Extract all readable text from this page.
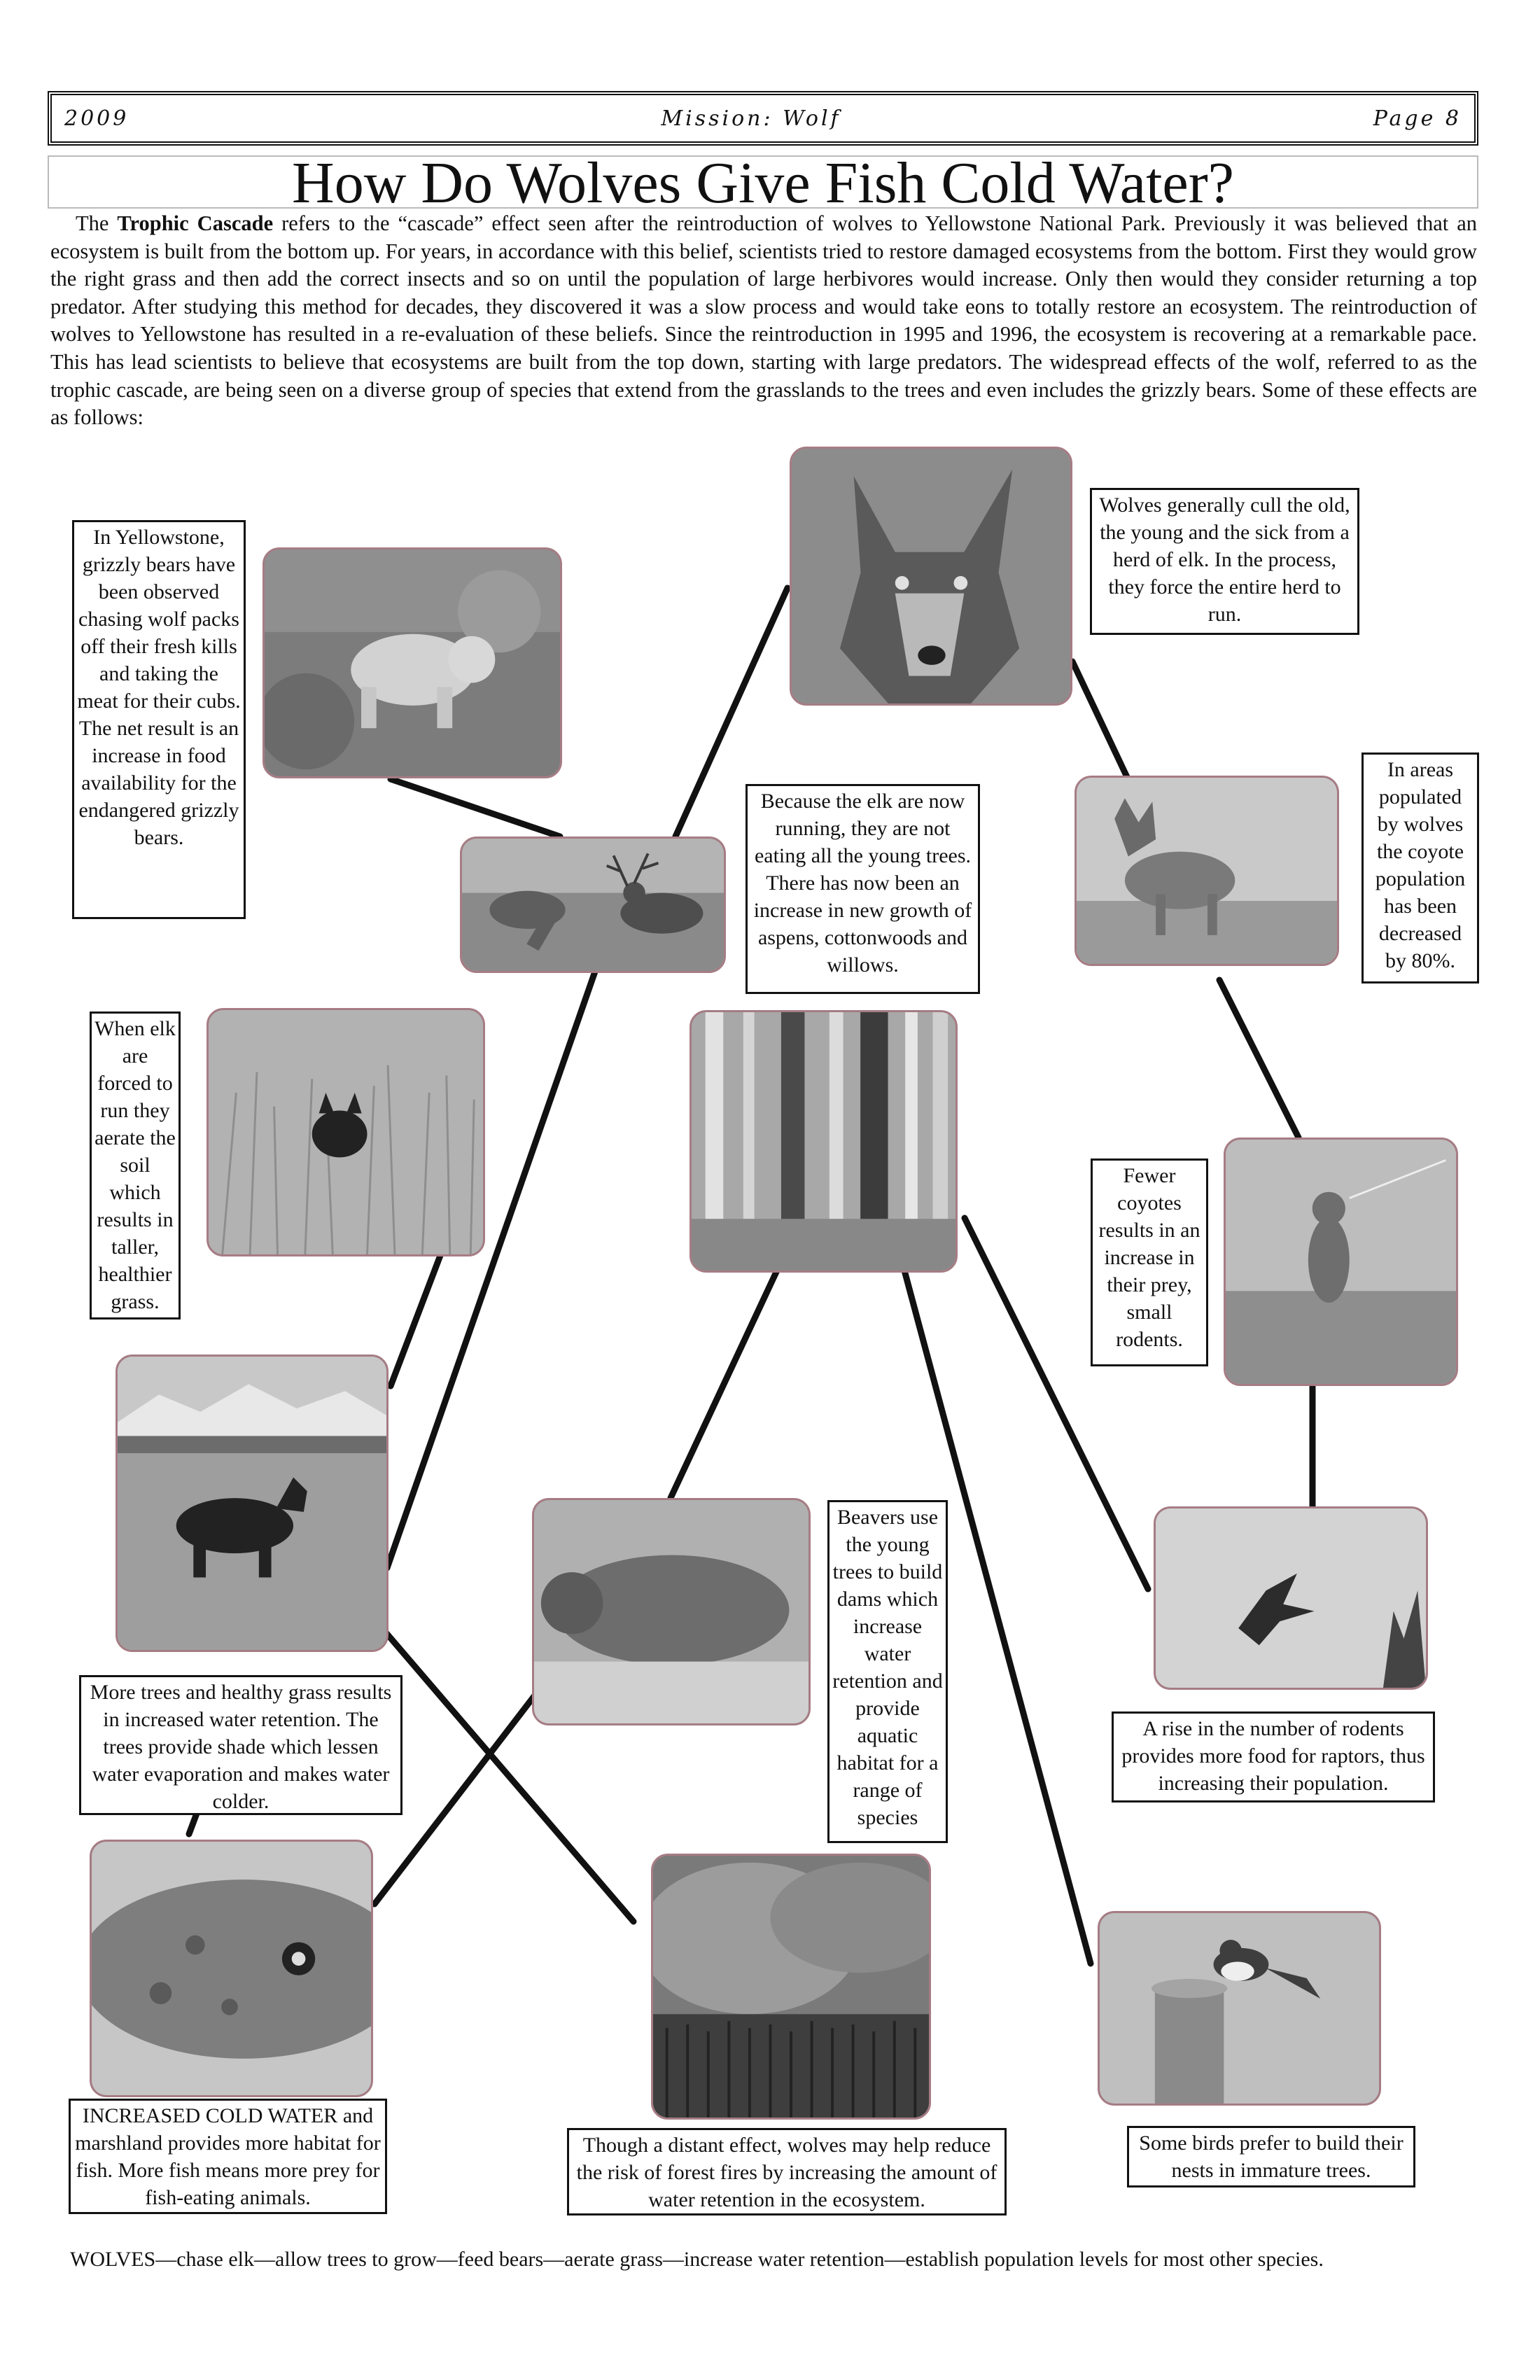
2009	Mission: Wolf	Page 8
How Do Wolves Give Fish Cold Water?
The Trophic Cascade refers to the “cascade” effect seen after the reintroduction of wolves to Yellowstone National Park. Previously it was believed that an ecosystem is built from the bottom up. For years, in accordance with this belief, scientists tried to restore damaged ecosystems from the bottom. First they would grow the right grass and then add the correct insects and so on until the population of large herbivores would increase. Only then would they consider returning a top predator. After studying this method for decades, they discovered it was a slow process and would take eons to totally restore an ecosystem. The reintroduction of wolves to Yellowstone has resulted in a re-evaluation of these beliefs. Since the reintroduction in 1995 and 1996, the ecosystem is recovering at a remarkable pace. This has lead scientists to believe that ecosystems are built from the top down, starting with large predators. The widespread effects of the wolf, referred to as the trophic cascade, are being seen on a diverse group of species that extend from the grasslands to the trees and even includes the grizzly bears. Some of these effects are as follows:
In Yellowstone, grizzly bears have been observed chasing wolf packs off their fresh kills and taking the meat for their cubs. The net result is an increase in food availability for the endangered grizzly bears.
Wolves generally cull the old, the young and the sick from a herd of elk. In the process, they force the entire herd to run.
Because the elk are now running, they are not eating all the young trees. There has now been an increase in new growth of aspens, cottonwoods and willows.
In areas populated by wolves the coyote population has been decreased by 80%.
When elk are forced to run they aerate the soil which results in taller, healthier grass.
Fewer coyotes results in an increase in their prey, small rodents.
Beavers use the young trees to build dams which increase water retention and provide aquatic habitat for a range of species
More trees and healthy grass results in increased water retention. The trees provide shade which lessen water evaporation and makes water colder.
A rise in the number of rodents provides more food for raptors, thus increasing their population.
INCREASED COLD WATER and marshland provides more habitat for fish. More fish means more prey for fish-eating animals.
Though a distant effect, wolves may help reduce the risk of forest fires by increasing the amount of water retention in the ecosystem.
Some birds prefer to build their nests in immature trees.
WOLVES—chase elk—allow trees to grow—feed bears—aerate grass—increase water retention—establish population levels for most other species.
